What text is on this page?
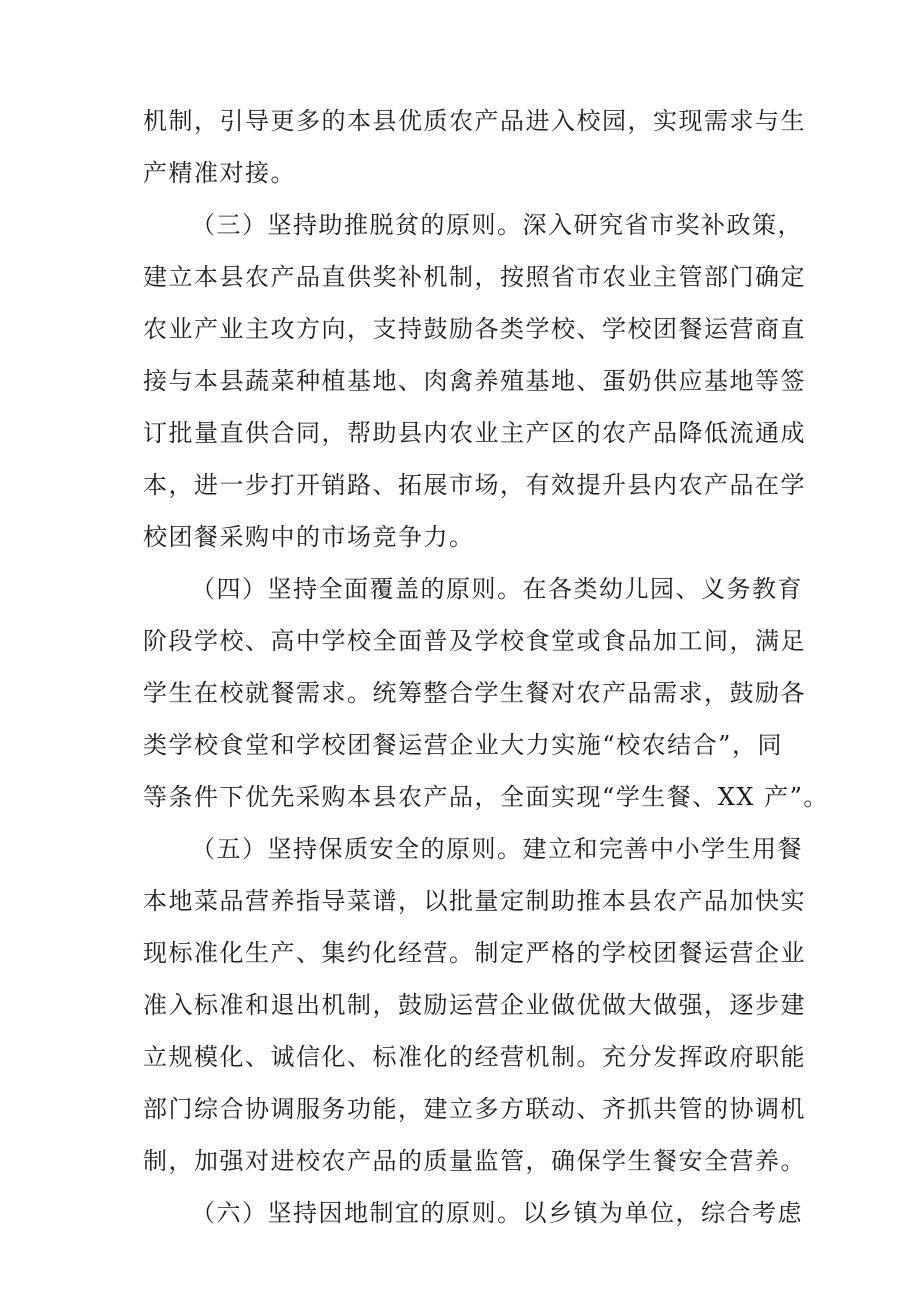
机制，引导更多的本县优质农产品进入校园，实现需求与生
产精准对接。
（三）坚持助推脱贫的原则。深入研究省市奖补政策，
建立本县农产品直供奖补机制，按照省市农业主管部门确定
农业产业主攻方向，支持鼓励各类学校、学校团餐运营商直
接与本县蔬菜种植基地、肉禽养殖基地、蛋奶供应基地等签
订批量直供合同，帮助县内农业主产区的农产品降低流通成
本，进一步打开销路、拓展市场，有效提升县内农产品在学
校团餐采购中的市场竞争力。
（四）坚持全面覆盖的原则。在各类幼儿园、义务教育
阶段学校、高中学校全面普及学校食堂或食品加工间，满足
学生在校就餐需求。统筹整合学生餐对农产品需求，鼓励各
类学校食堂和学校团餐运营企业大力实施“校农结合”，同
等条件下优先采购本县农产品，全面实现“学生餐、XX 产”。
（五）坚持保质安全的原则。建立和完善中小学生用餐
本地菜品营养指导菜谱，以批量定制助推本县农产品加快实
现标准化生产、集约化经营。制定严格的学校团餐运营企业
准入标准和退出机制，鼓励运营企业做优做大做强，逐步建
立规模化、诚信化、标准化的经营机制。充分发挥政府职能
部门综合协调服务功能，建立多方联动、齐抓共管的协调机
制，加强对进校农产品的质量监管，确保学生餐安全营养。
（六）坚持因地制宜的原则。以乡镇为单位，综合考虑
